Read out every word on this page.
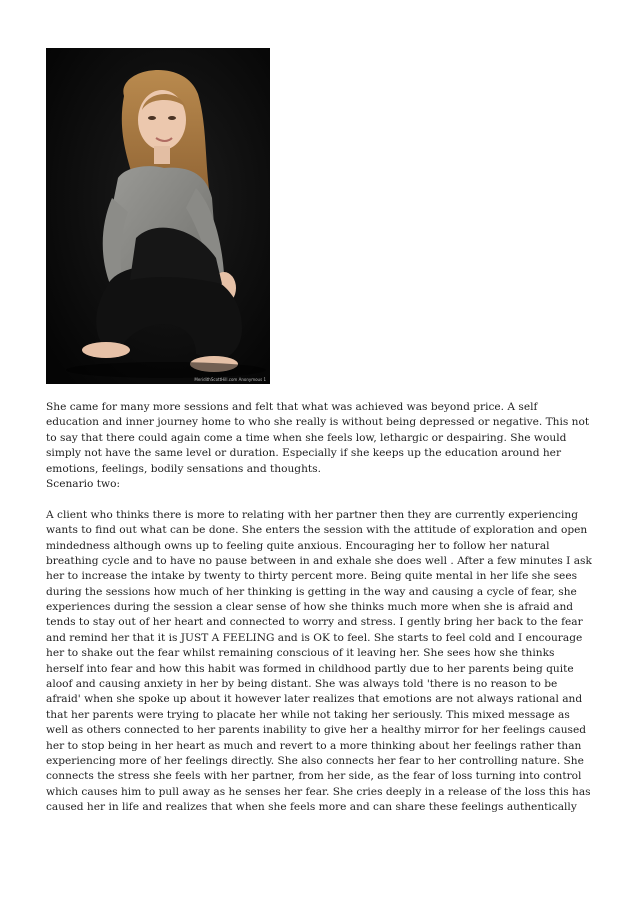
MeridithScottHill.com Anonymous 1
She came for many more sessions and felt that what was achieved was beyond price. A self
education and inner journey home to who she really is without being depressed or negative. This not
to say that there could again come a time when she feels low, lethargic or despairing. She would
simply not have the same level or duration. Especially if she keeps up the education around her
emotions, feelings, bodily sensations and thoughts.
Scenario two:
A client who thinks there is more to relating with her partner then they are currently experiencing
wants to find out what can be done. She enters the session with the attitude of exploration and open
mindedness although owns up to feeling quite anxious. Encouraging her to follow her natural
breathing cycle and to have no pause between in and exhale she does well . After a few minutes I ask
her to increase the intake by twenty to thirty percent more. Being quite mental in her life she sees
during the sessions how much of her thinking is getting in the way and causing a cycle of fear, she
experiences during the session a clear sense of how she thinks much more when she is afraid and
tends to stay out of her heart and connected to worry and stress. I gently bring her back to the fear
and remind her that it is JUST A FEELING and is OK to feel. She starts to feel cold and I encourage
her to shake out the fear whilst remaining conscious of it leaving her. She sees how she thinks
herself into fear and how this habit was formed in childhood partly due to her parents being quite
aloof and causing anxiety in her by being distant. She was always told 'there is no reason to be
afraid' when she spoke up about it however later realizes that emotions are not always rational and
that her parents were trying to placate her while not taking her seriously. This mixed message as
well as others connected to her parents inability to give her a healthy mirror for her feelings caused
her to stop being in her heart as much and revert to a more thinking about her feelings rather than
experiencing more of her feelings directly. She also connects her fear to her controlling nature. She
connects the stress she feels with her partner, from her side, as the fear of loss turning into control
which causes him to pull away as he senses her fear. She cries deeply in a release of the loss this has
caused her in life and realizes that when she feels more and can share these feelings authentically
